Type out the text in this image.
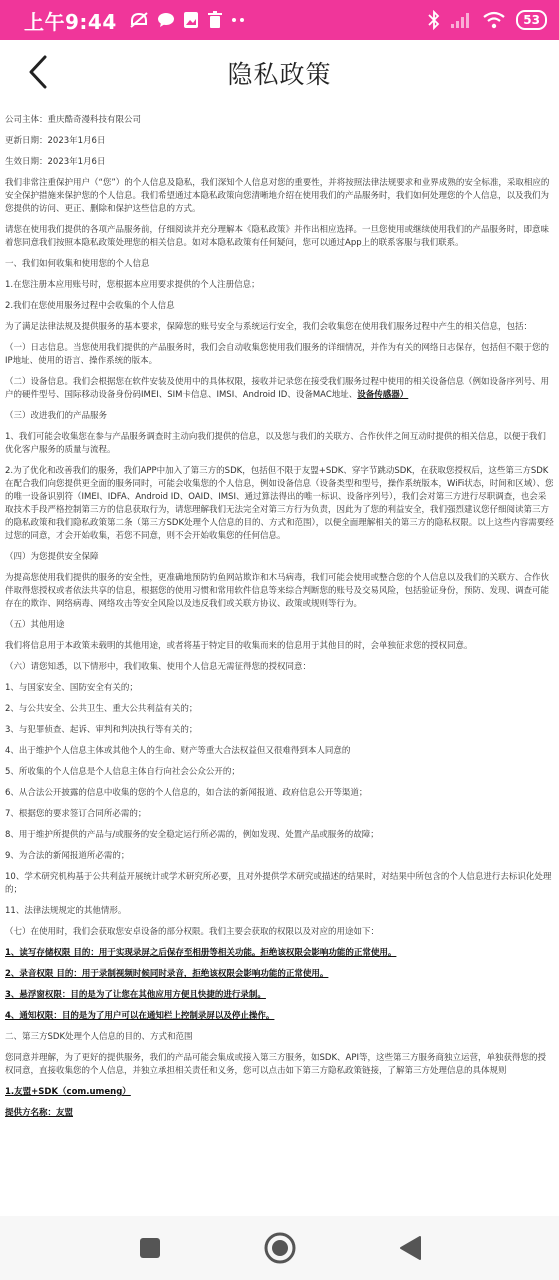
上午9:44	53
隐私政策
公司主体：重庆酷奇漫科技有限公司
更新日期：2023年1月6日
生效日期：2023年1月6日
我们非常注重保护用户（“您”）的个人信息及隐私，我们深知个人信息对您的重要性，并将按照法律法规要求和业界成熟的安全标准，采取相应的安全保护措施来保护您的个人信息。我们希望通过本隐私政策向您清晰地介绍在使用我们的产品服务时，我们如何处理您的个人信息，以及我们为您提供的访问、更正、删除和保护这些信息的方式。
请您在使用我们提供的各项产品服务前，仔细阅读并充分理解本《隐私政策》并作出相应选择。一旦您使用或继续使用我们的产品服务时，即意味着您同意我们按照本隐私政策处理您的相关信息。如对本隐私政策有任何疑问，您可以通过App上的联系客服与我们联系。
一、我们如何收集和使用您的个人信息
1.在您注册本应用账号时，您根据本应用要求提供的个人注册信息；
2.我们在您使用服务过程中会收集的个人信息
为了满足法律法规及提供服务的基本要求，保障您的账号安全与系统运行安全，我们会收集您在使用我们服务过程中产生的相关信息，包括：
（一）日志信息。当您使用我们提供的产品服务时，我们会自动收集您使用我们服务的详细情况，并作为有关的网络日志保存，包括但不限于您的IP地址、使用的语言、操作系统的版本。
（二）设备信息。我们会根据您在软件安装及使用中的具体权限，接收并记录您在接受我们服务过程中使用的相关设备信息（例如设备序列号、用户的硬件型号、国际移动设备身份码IMEI、SIM卡信息、IMSI、Android ID、设备MAC地址、设备传感器）
（三）改进我们的产品服务
1、我们可能会收集您在参与产品服务调查时主动向我们提供的信息，以及您与我们的关联方、合作伙伴之间互动时提供的相关信息，以便于我们优化客户服务的质量与流程。
2.为了优化和改善我们的服务，我们APP中加入了第三方的SDK，包括但不限于友盟+SDK、穿字节跳动SDK，在获取您授权后，这些第三方SDK在配合我们向您提供更全面的服务同时，可能会收集您的个人信息，例如设备信息（设备类型和型号，操作系统版本，WiFi状态，时间和区域）、您的唯一设备识别符（IMEI、IDFA、Android ID、OAID、IMSI、通过算法得出的唯一标识、设备序列号），我们会对第三方进行尽职调查，也会采取技术手段严格控制第三方的信息获取行为，请您理解我们无法完全对第三方行为负责，因此为了您的利益安全，我们强烈建议您仔细阅读第三方的隐私政策和我们隐私政策第二条（第三方SDK处理个人信息的目的、方式和范围），以便全面理解相关的第三方的隐私权限。以上这些内容需要经过您的同意，才会开始收集，若您不同意，则不会开始收集您的任何信息。
（四）为您提供安全保障
为提高您使用我们提供的服务的安全性，更准确地预防钓鱼网站欺诈和木马病毒，我们可能会使用或整合您的个人信息以及我们的关联方、合作伙伴取得您授权或者依法共享的信息，根据您的使用习惯和常用软件信息等来综合判断您的账号及交易风险，包括验证身份，预防、发现、调查可能存在的欺诈、网络病毒、网络攻击等安全风险以及违反我们或关联方协议、政策或规则等行为。
（五）其他用途
我们将信息用于本政策未载明的其他用途，或者将基于特定目的收集而来的信息用于其他目的时，会单独征求您的授权同意。
（六）请您知悉，以下情形中，我们收集、使用个人信息无需征得您的授权同意：
1、与国家安全、国防安全有关的；
2、与公共安全、公共卫生、重大公共利益有关的；
3、与犯罪侦查、起诉、审判和判决执行等有关的；
4、出于维护个人信息主体或其他个人的生命、财产等重大合法权益但又很难得到本人同意的
5、所收集的个人信息是个人信息主体自行向社会公众公开的；
6、从合法公开披露的信息中收集的您的个人信息的，如合法的新闻报道、政府信息公开等渠道；
7、根据您的要求签订合同所必需的；
8、用于维护所提供的产品与/或服务的安全稳定运行所必需的，例如发现、处置产品或服务的故障；
9、为合法的新闻报道所必需的；
10、学术研究机构基于公共利益开展统计或学术研究所必要，且对外提供学术研究或描述的结果时，对结果中所包含的个人信息进行去标识化处理的；
11、法律法规规定的其他情形。
（七）在使用时，我们会获取您安卓设备的部分权限。我们主要会获取的权限以及对应的用途如下：
1、读写存储权限 目的：用于实现录屏之后保存至相册等相关功能。拒绝该权限会影响功能的正常使用。
2、录音权限 目的：用于录制视频时候同时录音，拒绝该权限会影响功能的正常使用。
3、悬浮窗权限：目的是为了让您在其他应用方便且快捷的进行录制。
4、通知权限：目的是为了用户可以在通知栏上控制录屏以及停止操作。
二、第三方SDK处理个人信息的目的、方式和范围
您同意并理解，为了更好的提供服务，我们的产品可能会集成或接入第三方服务，如SDK、API等，这些第三方服务商独立运营，单独获得您的授权同意，直接收集您的个人信息，并独立承担相关责任和义务，您可以点击如下第三方隐私政策链接，了解第三方处理信息的具体规则
1.友盟+SDK（com.umeng）
提供方名称：友盟
